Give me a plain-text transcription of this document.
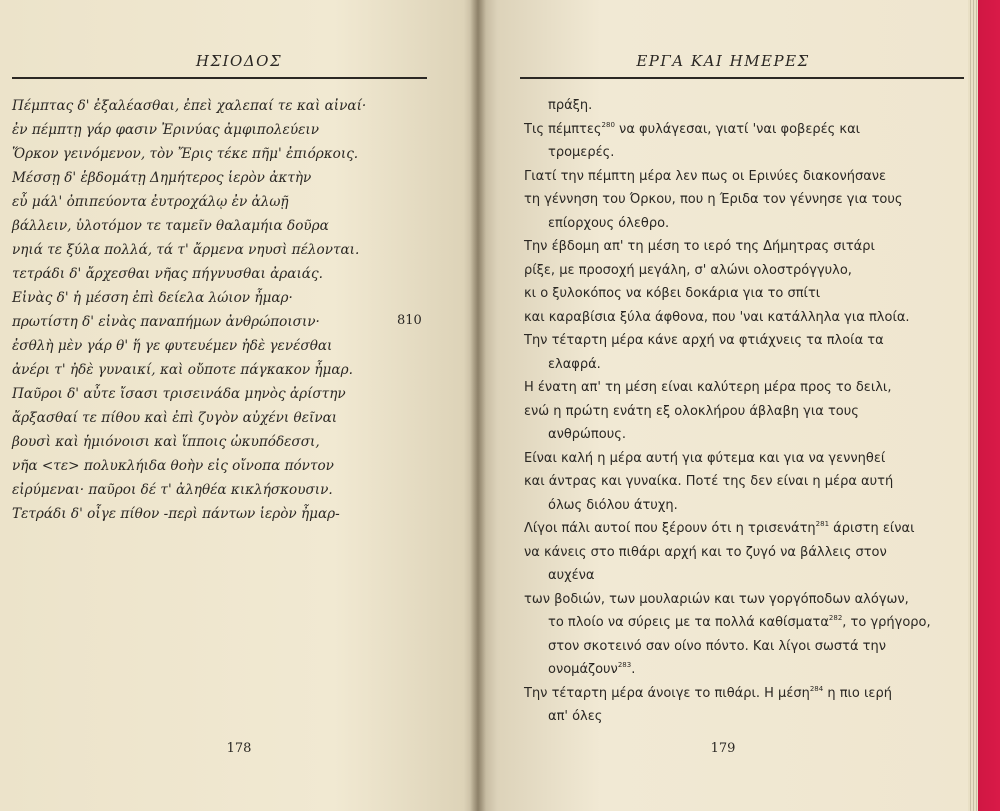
ΗΣΙΟΔΟΣ
Πέμπτας δ' ἐξαλέασθαι, ἐπεὶ χαλεπαί τε καὶ αἰναί·
ἐν πέμπτῃ γάρ φασιν Ἐρινύας ἀμφιπολεύειν
Ὅρκον γεινόμενον, τὸν Ἔρις τέκε πῆμ' ἐπιόρκοις.
Μέσσῃ δ' ἑβδομάτῃ Δημήτερος ἱερὸν ἀκτὴν
εὖ μάλ' ὀπιπεύοντα ἐυτροχάλῳ ἐν ἀλωῇ
βάλλειν, ὑλοτόμον τε ταμεῖν θαλαμήια δοῦρα
νηιά τε ξύλα πολλά, τά τ' ἄρμενα νηυσὶ πέλονται.
τετράδι δ' ἄρχεσθαι νῆας πήγνυσθαι ἀραιάς.
Εἰνὰς δ' ἡ μέσση ἐπὶ δείελα λώιον ἦμαρ·
πρωτίστη δ' εἰνὰς παναπήμων ἀνθρώποισιν·
ἐσθλὴ μὲν γάρ θ' ἥ γε φυτευέμεν ἠδὲ γενέσθαι
ἀνέρι τ' ἠδὲ γυναικί, καὶ οὔποτε πάγκακον ἦμαρ.
Παῦροι δ' αὖτε ἴσασι τρισεινάδα μηνὸς ἀρίστην
ἄρξασθαί τε πίθου καὶ ἐπὶ ζυγὸν αὐχένι θεῖναι
βουσὶ καὶ ἡμιόνοισι καὶ ἵπποις ὠκυπόδεσσι,
νῆα <τε> πολυκλήιδα θοὴν εἰς οἴνοπα πόντον
εἰρύμεναι· παῦροι δέ τ' ἀληθέα κικλήσκουσιν.
Τετράδι δ' οἶγε πίθον -περὶ πάντων ἱερὸν ἦμαρ-
810
178
ΕΡΓΑ ΚΑΙ ΗΜΕΡΕΣ
πράξη.
Τις πέμπτες$^{280}$ να φυλάγεσαι, γιατί 'ναι φοβερές και
τρομερές.
Γιατί την πέμπτη μέρα λεν πως οι Ερινύες διακονήσανε
τη γέννηση του Όρκου, που η Έριδα τον γέννησε για τους
επίορχους όλεθρο.
Την έβδομη απ' τη μέση το ιερό της Δήμητρας σιτάρι
ρίξε, με προσοχή μεγάλη, σ' αλώνι ολοστρόγγυλο,
κι ο ξυλοκόπος να κόβει δοκάρια για το σπίτι
και καραβίσια ξύλα άφθονα, που 'ναι κατάλληλα για πλοία.
Την τέταρτη μέρα κάνε αρχή να φτιάχνεις τα πλοία τα
ελαφρά.
Η ένατη απ' τη μέση είναι καλύτερη μέρα προς το δειλι,
ενώ η πρώτη ενάτη εξ ολοκλήρου άβλαβη για τους
ανθρώπους.
Είναι καλή η μέρα αυτή για φύτεμα και για να γεννηθεί
και άντρας και γυναίκα. Ποτέ της δεν είναι η μέρα αυτή
όλως διόλου άτυχη.
Λίγοι πάλι αυτοί που ξέρουν ότι η τρισενάτη$^{281}$ άριστη είναι
να κάνεις στο πιθάρι αρχή και το ζυγό να βάλλεις στον
αυχένα
των βοδιών, των μουλαριών και των γοργόποδων αλόγων,
το πλοίο να σύρεις με τα πολλά καθίσματα$^{282}$, το γρήγορο,
στον σκοτεινό σαν οίνο πόντο. Και λίγοι σωστά την
ονομάζουν$^{283}$.
Την τέταρτη μέρα άνοιγε το πιθάρι. Η μέση$^{284}$ η πιο ιερή
απ' όλες
179
